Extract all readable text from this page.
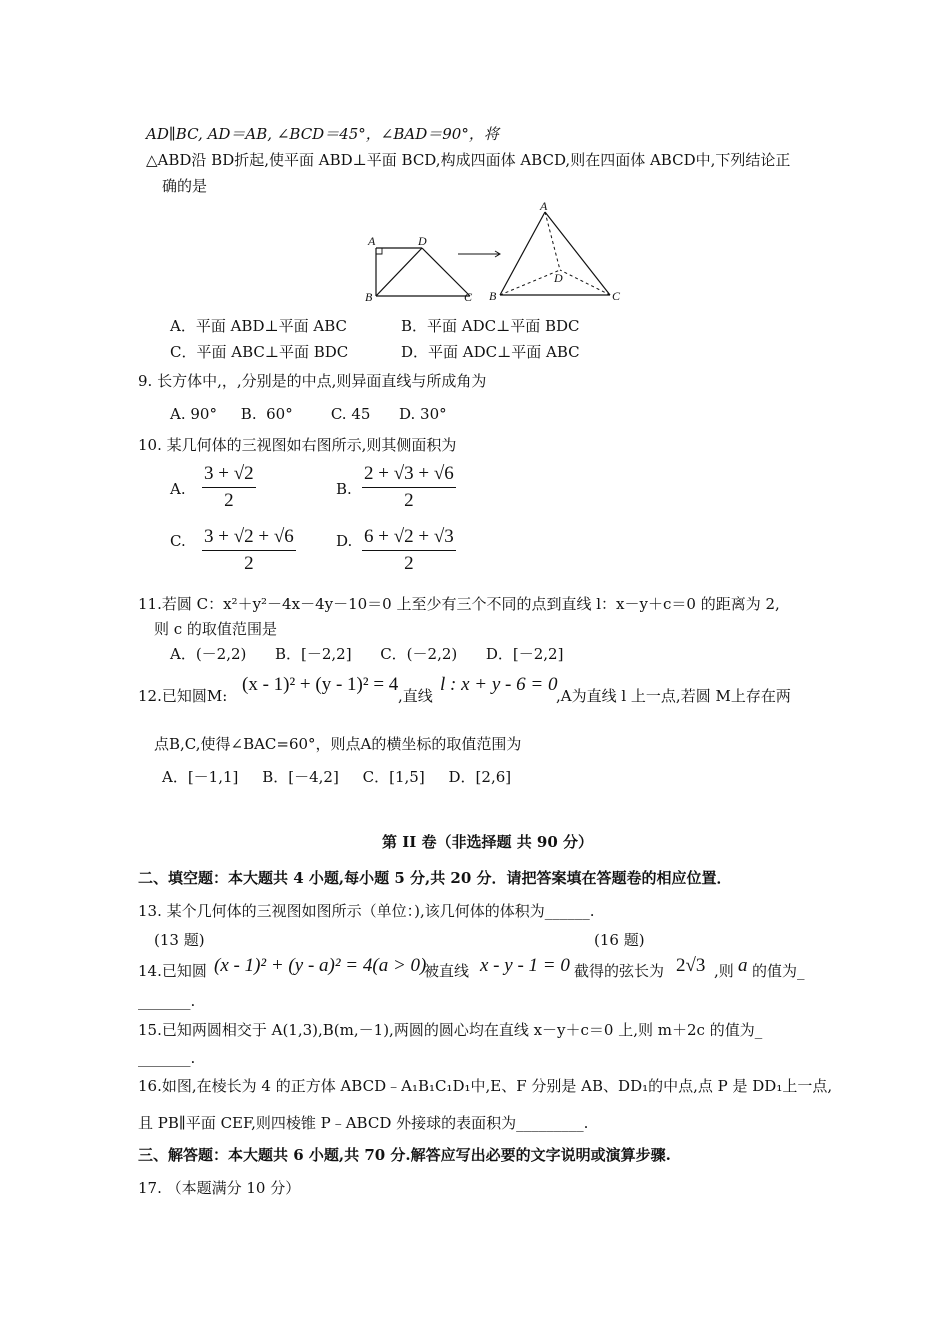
AD∥BC, AD＝AB, ∠BCD＝45°，∠BAD＝90°，将
△ABD沿 BD折起,使平面 ABD⊥平面 BCD,构成四面体 ABCD,则在四面体 ABCD中,下列结论正
确的是
A	D
B	C
A
B	C
D
A．平面 ABD⊥平面 ABC	B．平面 ADC⊥平面 BDC
C．平面 ABC⊥平面 BDC	D．平面 ADC⊥平面 ABC
9. 长方体中,，,分别是的中点,则异面直线与所成角为
A. 90°     B.  60°        C. 45      D. 30°
10. 某几何体的三视图如右图所示,则其侧面积为
A. $\frac{3 + √2}{2}$	B. $\frac{2 + √3 + √6}{2}$
C. $\frac{3 + √2 + √6}{2}$	D. $\frac{6 + √2 + √3}{2}$
11.若圆 C：x²＋y²－4x－4y－10＝0 上至少有三个不同的点到直线 l：x－y＋c＝0 的距离为 2,
则 c 的取值范围是
A．(－2,2)      B．[－2,2]      C．(－2,2)      D．[－2,2]
12.已知圆M:
(x - 1)² + (y - 1)² = 4
,直线
l : x + y - 6 = 0
,A为直线 l 上一点,若圆 M上存在两
点B,C,使得∠BAC=60°，则点A的横坐标的取值范围为
A．[－1,1]     B．[－4,2]     C．[1,5]     D．[2,6]
第 II 卷（非选择题 共 90 分）
二、填空题：本大题共 4 小题,每小题 5 分,共 20 分．请把答案填在答题卷的相应位置．
13. 某个几何体的三视图如图所示（单位：),该几何体的体积为______.
(13 题)	(16 题)
14.已知圆 (x - 1)² + (y - a)² = 4(a > 0)
被直线 x - y - 1 = 0 截得的弦长为 2√3 ,则 a 的值为_
_______.
15.已知两圆相交于 A(1,3),B(m,－1),两圆的圆心均在直线 x－y＋c＝0 上,则 m＋2c 的值为_
_______.
16.如图,在棱长为 4 的正方体 ABCD﹣A₁B₁C₁D₁中,E、F 分别是 AB、DD₁的中点,点 P 是 DD₁上一点,
且 PB∥平面 CEF,则四棱锥 P﹣ABCD 外接球的表面积为_________.
三、解答题：本大题共 6 小题,共 70 分.解答应写出必要的文字说明或演算步骤.
17. （本题满分 10 分）
